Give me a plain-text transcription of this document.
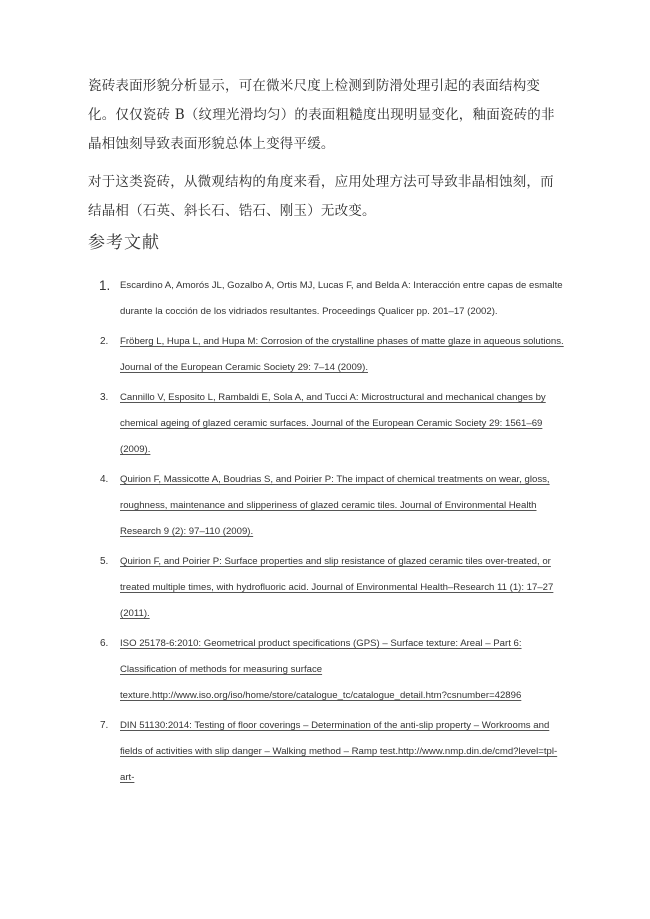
瓷砖表面形貌分析显示，可在微米尺度上检测到防滑处理引起的表面结构变化。仅仅瓷砖 B（纹理光滑均匀）的表面粗糙度出现明显变化，釉面瓷砖的非晶相蚀刻导致表面形貌总体上变得平缓。

对于这类瓷砖，从微观结构的角度来看，应用处理方法可导致非晶相蚀刻，而结晶相（石英、斜长石、锆石、刚玉）无改变。

参考文献
1. Escardino A, Amorós JL, Gozalbo A, Ortis MJ, Lucas F, and Belda A: Interacción entre capas de esmalte durante la cocción de los vidriados resultantes. Proceedings Qualicer pp. 201–17 (2002).
2. Fröberg L, Hupa L, and Hupa M: Corrosion of the crystalline phases of matte glaze in aqueous solutions. Journal of the European Ceramic Society 29: 7–14 (2009).
3. Cannillo V, Esposito L, Rambaldi E, Sola A, and Tucci A: Microstructural and mechanical changes by chemical ageing of glazed ceramic surfaces. Journal of the European Ceramic Society 29: 1561–69 (2009).
4. Quirion F, Massicotte A, Boudrias S, and Poirier P: The impact of chemical treatments on wear, gloss, roughness, maintenance and slipperiness of glazed ceramic tiles. Journal of Environmental Health Research 9 (2): 97–110 (2009).
5. Quirion F, and Poirier P: Surface properties and slip resistance of glazed ceramic tiles over-treated, or treated multiple times, with hydrofluoric acid. Journal of Environmental Health–Research 11 (1): 17–27 (2011).
6. ISO 25178-6:2010: Geometrical product specifications (GPS) – Surface texture: Areal – Part 6: Classification of methods for measuring surface texture.http://www.iso.org/iso/home/store/catalogue_tc/catalogue_detail.htm?csnumber=42896
7. DIN 51130:2014: Testing of floor coverings – Determination of the anti-slip property – Workrooms and fields of activities with slip danger – Walking method – Ramp test.http://www.nmp.din.de/cmd?level=tpl-art-
